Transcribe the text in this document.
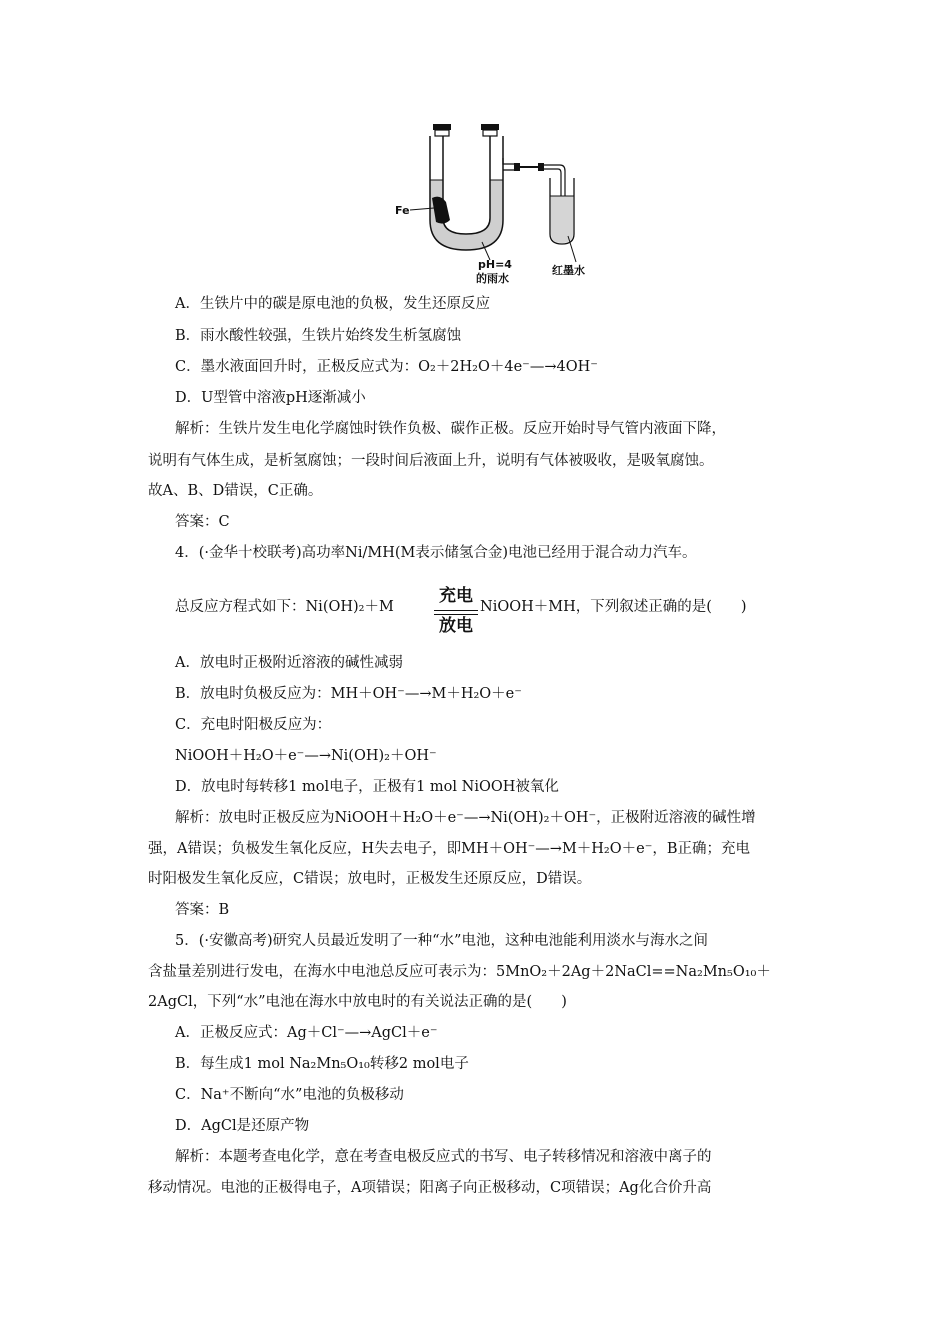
Fe
pH=4
的雨水
红墨水
A．生铁片中的碳是原电池的负极，发生还原反应
B．雨水酸性较强，生铁片始终发生析氢腐蚀
C．墨水液面回升时，正极反应式为：O₂＋2H₂O＋4e⁻—→4OH⁻
D．U型管中溶液pH逐渐减小
解析：生铁片发生电化学腐蚀时铁作负极、碳作正极。反应开始时导气管内液面下降，
说明有气体生成，是析氢腐蚀；一段时间后液面上升，说明有气体被吸收，是吸氧腐蚀。
故A、B、D错误，C正确。
答案：C
4．(·金华十校联考)高功率Ni/MH(M表示储氢合金)电池已经用于混合动力汽车。
总反应方程式如下：Ni(OH)₂＋M
充电
放电
NiOOH＋MH，下列叙述正确的是(　　)
A．放电时正极附近溶液的碱性减弱
B．放电时负极反应为：MH＋OH⁻—→M＋H₂O＋e⁻
C．充电时阳极反应为：
NiOOH＋H₂O＋e⁻—→Ni(OH)₂＋OH⁻
D．放电时每转移1 mol电子，正极有1 mol NiOOH被氧化
解析：放电时正极反应为NiOOH＋H₂O＋e⁻—→Ni(OH)₂＋OH⁻，正极附近溶液的碱性增
强，A错误；负极发生氧化反应，H失去电子，即MH＋OH⁻—→M＋H₂O＋e⁻，B正确；充电
时阳极发生氧化反应，C错误；放电时，正极发生还原反应，D错误。
答案：B
5．(·安徽高考)研究人员最近发明了一种“水”电池，这种电池能利用淡水与海水之间
含盐量差别进行发电，在海水中电池总反应可表示为：5MnO₂＋2Ag＋2NaCl==Na₂Mn₅O₁₀＋
2AgCl，下列“水”电池在海水中放电时的有关说法正确的是(　　)
A．正极反应式：Ag＋Cl⁻—→AgCl＋e⁻
B．每生成1 mol Na₂Mn₅O₁₀转移2 mol电子
C．Na⁺不断向“水”电池的负极移动
D．AgCl是还原产物
解析：本题考查电化学，意在考查电极反应式的书写、电子转移情况和溶液中离子的
移动情况。电池的正极得电子，A项错误；阳离子向正极移动，C项错误；Ag化合价升高
